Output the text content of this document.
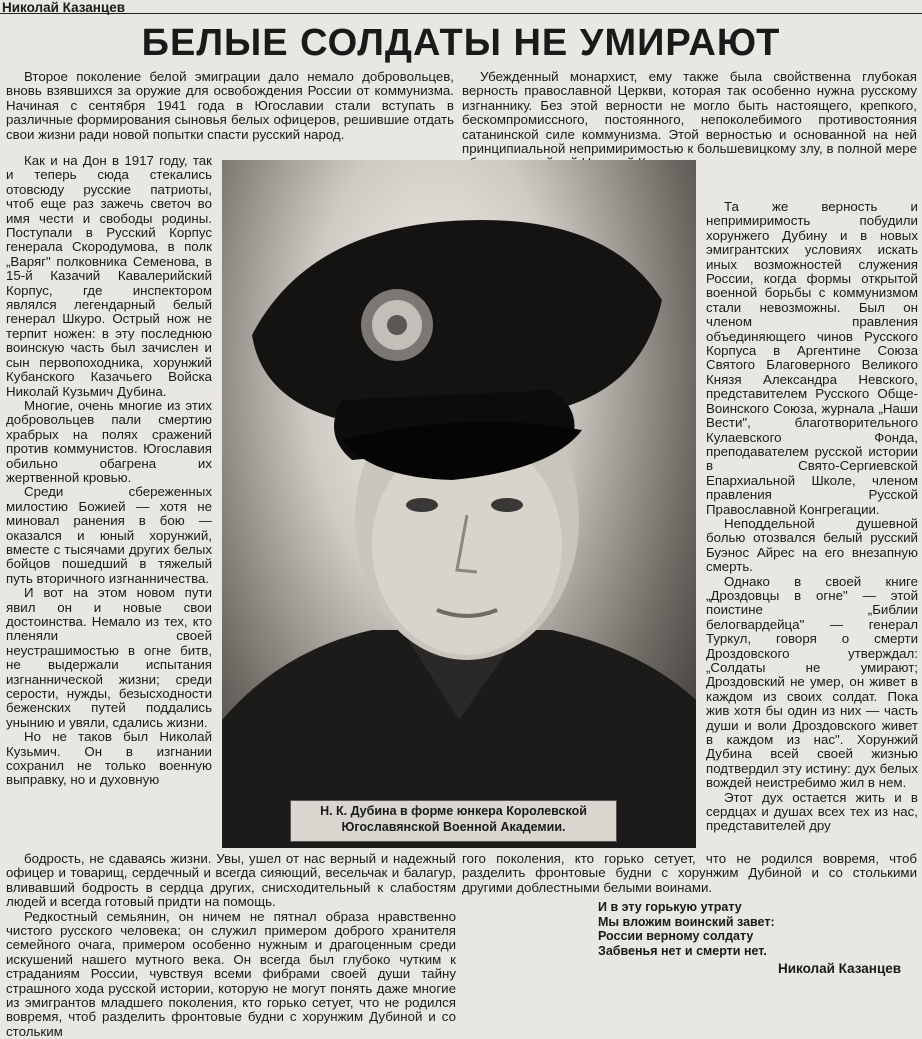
Николай Казанцев
БЕЛЫЕ СОЛДАТЫ НЕ УМИРАЮТ

Второе поколение белой эмиграции дало немало добровольцев, вновь взявшихся за оружие для освобождения России от коммунизма. Начиная с сентября 1941 года в Югославии стали вступать в различные формирования сыновья белых офицеров, решившие отдать свои жизни ради новой попытки спасти русский народ.

Убежденный монархист, ему также была свойственна глубокая верность православной Церкви, которая так особенно нужна русскому изгнаннику. Без этой верности не могло быть настоящего, крепкого, бескомпромиссного, постоянного, непоколебимого противостояния сатанинской силе коммунизма. Этой верностью и основанной на ней принципиальной непримиримостью к большевицкому злу, в полной мере

Как и на Дон в 1917 году, так и теперь сюда стекались отовсюду русские патриоты, чтоб еще раз зажечь светоч во имя чести и свободы родины. Поступали в Русский Корпус генерала Скородумова, в полк „Варяг" полковника Семенова, в 15-й Казачий Кавалерийский Корпус, где инспектором являлся легендарный белый генерал Шкуро. Острый нож не терпит ножен: в эту последнюю воинскую часть был зачислен и сын первопоходника, хорунжий Кубанского Казачьего Войска Николай Кузьмич Дубина.

Многие, очень многие из этих добровольцев пали смертию храбрых на полях сражений против коммунистов. Югославия обильно обагрена их жертвенной кровью.

Среди сбереженных милостию Божией — хотя не миновал ранения в бою — оказался и юный хорунжий, вместе с тысячами других белых бойцов пошедший в тяжелый путь вторичного изгнанничества.

И вот на этом новом пути явил он и новые свои достоинства. Немало из тех, кто пленяли своей неустрашимостью в огне битв, не выдержали испытания изгнаннической жизни; среди серости, нужды, безысходности беженских путей поддались унынию и увяли, сдались жизни.

Но не таков был Николай Кузьмич. Он в изгнании сохранил не только военную выправку, но и духовную

Н. К. Дубина в форме юнкера Королевской
Югославянской Военной Академии.

Та же верность и непримиримость побудили хорунжего Дубину и в новых эмигрантских условиях искать иных возможностей служения России, когда формы открытой военной борьбы с коммунизмом стали невозможны. Был он членом правления объединяющего чинов Русского Корпуса в Аргентине Союза Святого Благоверного Великого Князя Александра Невского, представителем Русского Обще-Воинского Союза, журнала „Наши Вести", благотворительного Кулаевского Фонда, преподавателем русской истории в Свято-Сергиевской Епархиальной Школе, членом правления Русской Православной Конгрегации.

Неподдельной душевной болью отозвался белый русский Буэнос Айрес на его внезапную смерть.

Однако в своей книге „Дроздовцы в огне" — этой поистине „Библии белогвардейца" — генерал Туркул, говоря о смерти Дроздовского утверждал: „Солдаты не умирают; Дроздовский не умер, он живет в каждом из своих солдат. Пока жив хотя бы один из них — часть души и воли Дроздовского живет в каждом из нас". Хорунжий Дубина всей своей жизнью подтвердил эту истину: дух белых вождей неистребимо жил в нем.

Этот дух остается жить и в сердцах и душах всех тех из нас, представителей дру

бодрость, не сдаваясь жизни. Увы, ушел от нас верный и надежный офицер и товарищ, сердечный и всегда сияющий, весельчак и балагур, вливавший бодрость в сердца других, снисходительный к слабостям людей и всегда готовый придти на помощь.

Редкостный семьянин, он ничем не пятнал образа нравственно чистого русского человека; он служил примером доброго хранителя семейного очага, примером особенно нужным и драгоценным среди искушений нашего мутного века. Он всегда был глубоко чутким к страданиям России, чувствуя всеми фибрами своей души тайну страшного хода русской истории, которую не могут понять даже многие из эмигрантов младшего поколения, кто горько сетует, что не родился вовремя, чтоб разделить фронтовые будни с хорунжим Дубиной и со стольким

гого поколения, кто горько сетует, что не родился вовремя, чтоб разделить фронтовые будни с хорунжим Дубиной и со столькими другими доблестными белыми воинами.

И в эту горькую утрату
Мы вложим воинский завет:
России верному солдату
Забвенья нет и смерти нет.
Николай Казанцев
